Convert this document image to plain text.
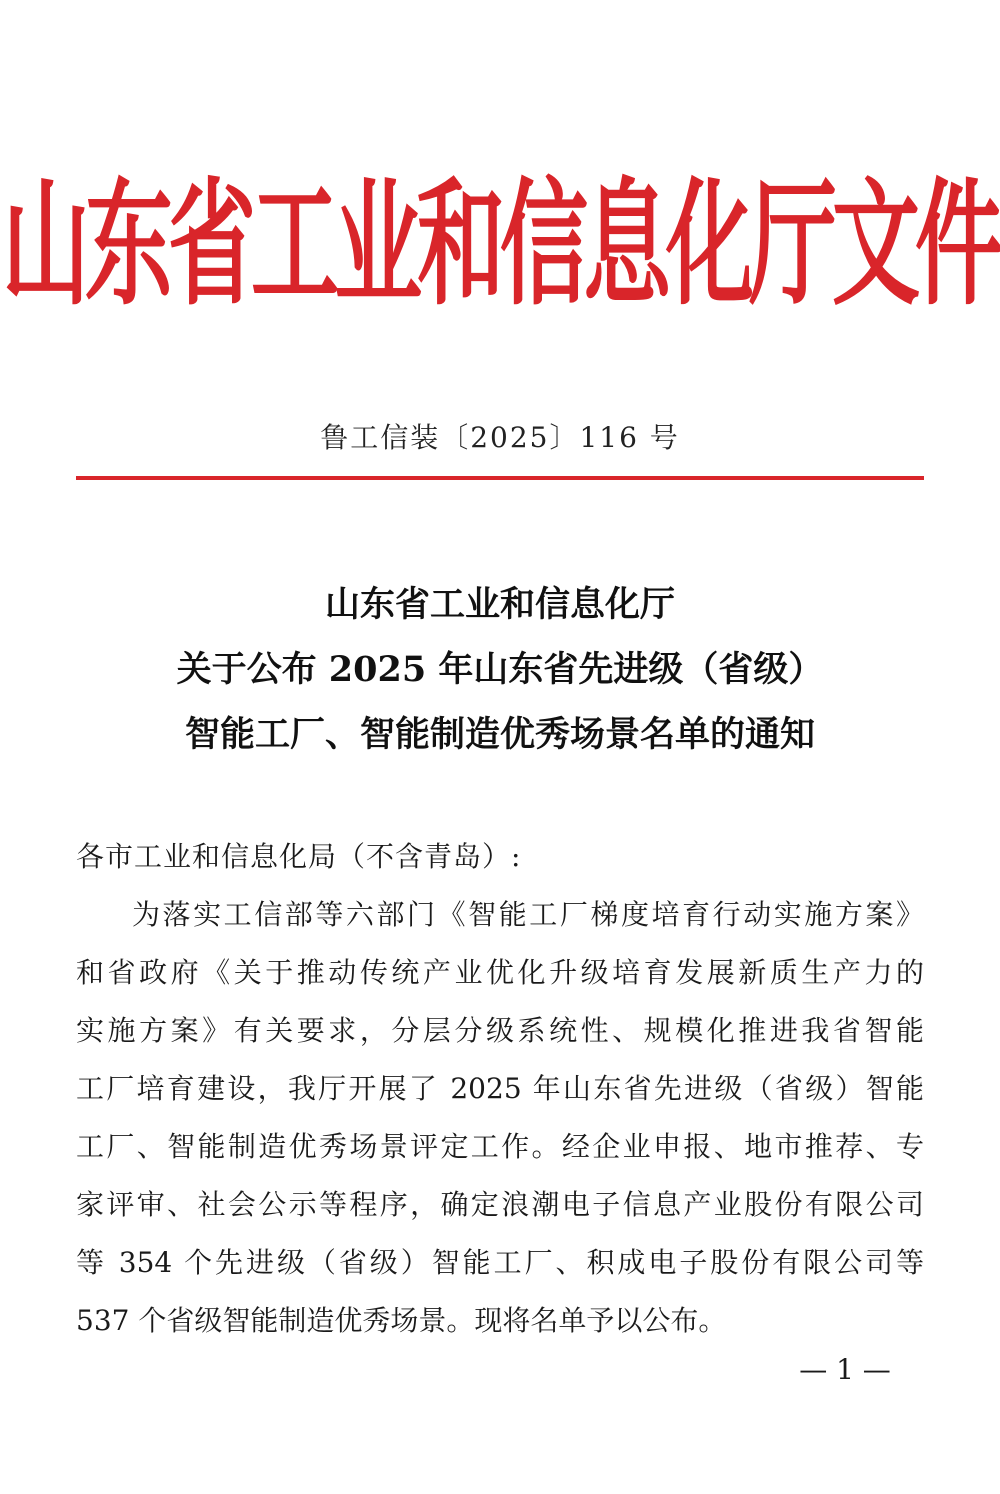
山东省工业和信息化厅文件
鲁工信装〔2025〕116 号
山东省工业和信息化厅
关于公布 2025 年山东省先进级（省级）
智能工厂、智能制造优秀场景名单的通知
各市工业和信息化局（不含青岛）:
为落实工信部等六部门《智能工厂梯度培育行动实施方案》
和省政府《关于推动传统产业优化升级培育发展新质生产力的
实施方案》有关要求，分层分级系统性、规模化推进我省智能
工厂培育建设，我厅开展了 2025 年山东省先进级（省级）智能
工厂、智能制造优秀场景评定工作。经企业申报、地市推荐、专
家评审、社会公示等程序，确定浪潮电子信息产业股份有限公司
等 354 个先进级（省级）智能工厂、积成电子股份有限公司等
537 个省级智能制造优秀场景。现将名单予以公布。
— 1 —
